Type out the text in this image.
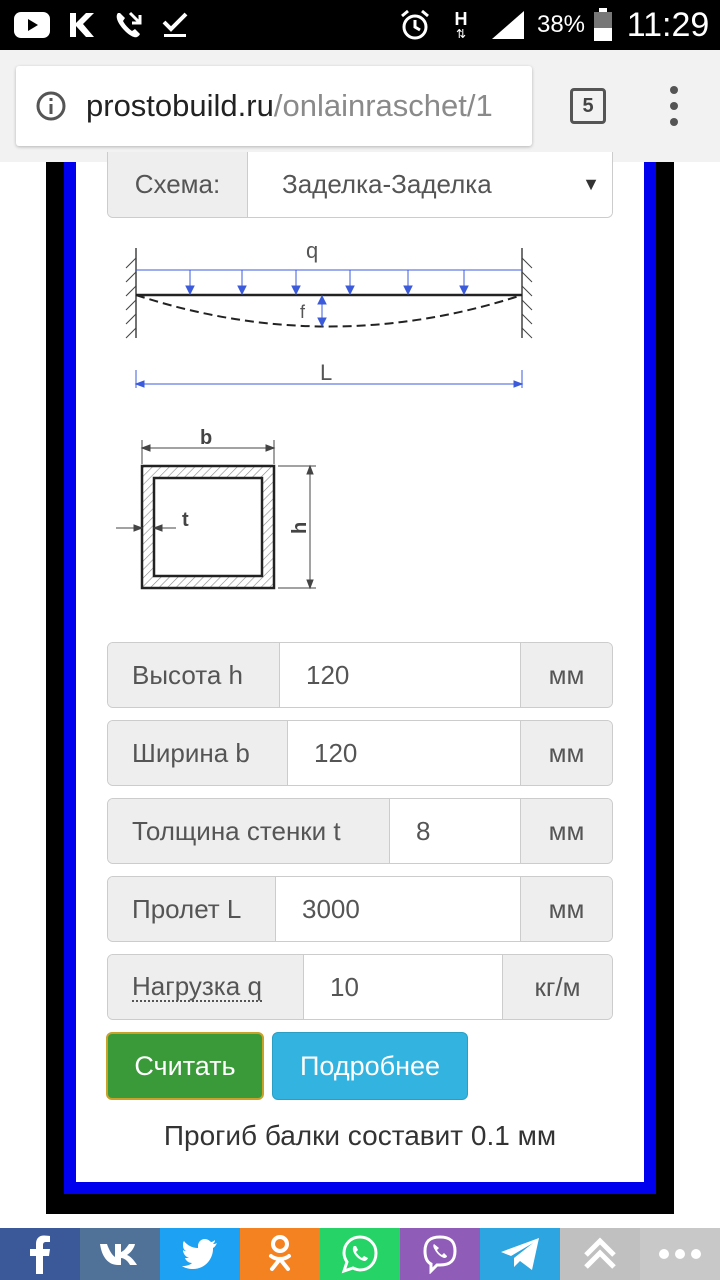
H
⇅	38% 11:29
prostobuild.ru/onlainraschet/1	5
Схема:	Заделка-Заделка	▼
q
f
L
b
t	h
Высота h	120	мм
Ширина b	120	мм
Толщина стенки t	8	мм
Пролет L	3000	мм
Нагрузка q	10	кг/м
Считать	Подробнее
Прогиб балки составит 0.1 мм
